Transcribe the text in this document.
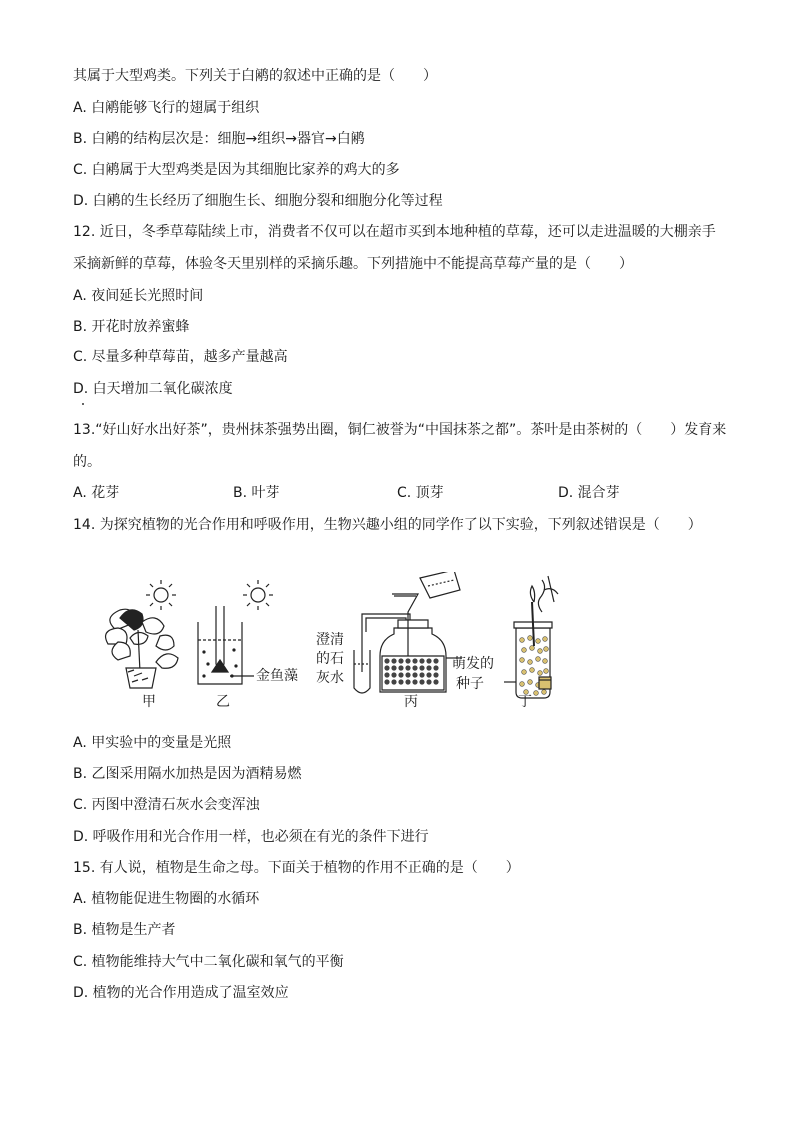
其属于大型鸡类。下列关于白鹇的叙述中正确的是（　　）
A. 白鹇能够飞行的翅属于组织
B. 白鹇的结构层次是：细胞→组织→器官→白鹇
C. 白鹇属于大型鸡类是因为其细胞比家养的鸡大的多
D. 白鹇的生长经历了细胞生长、细胞分裂和细胞分化等过程
12. 近日，冬季草莓陆续上市，消费者不仅可以在超市买到本地种植的草莓，还可以走进温暖的大棚亲手
采摘新鲜的草莓，体验冬天里别样的采摘乐趣。下列措施中不能提高草莓产量的是（　　）
A. 夜间延长光照时间
B. 开花时放养蜜蜂
C. 尽量多种草莓苗，越多产量越高
D. 白天增加二氧化碳浓度
13.“好山好水出好茶”，贵州抹茶强势出圈，铜仁被誉为“中国抹茶之都”。茶叶是由茶树的（　　）发育来
的。
A. 花芽	B. 叶芽	C. 顶芽	D. 混合芽
14. 为探究植物的光合作用和呼吸作用，生物兴趣小组的同学作了以下实验，下列叙述错误是（　　）
甲	乙
金鱼藻
澄清
的石
灰水
丙
萌发的
种子
丁
A. 甲实验中的变量是光照
B. 乙图采用隔水加热是因为酒精易燃
C. 丙图中澄清石灰水会变浑浊
D. 呼吸作用和光合作用一样，也必须在有光的条件下进行
15. 有人说，植物是生命之母。下面关于植物的作用不正确的是（　　）
A. 植物能促进生物圈的水循环
B. 植物是生产者
C. 植物能维持大气中二氧化碳和氧气的平衡
D. 植物的光合作用造成了温室效应
